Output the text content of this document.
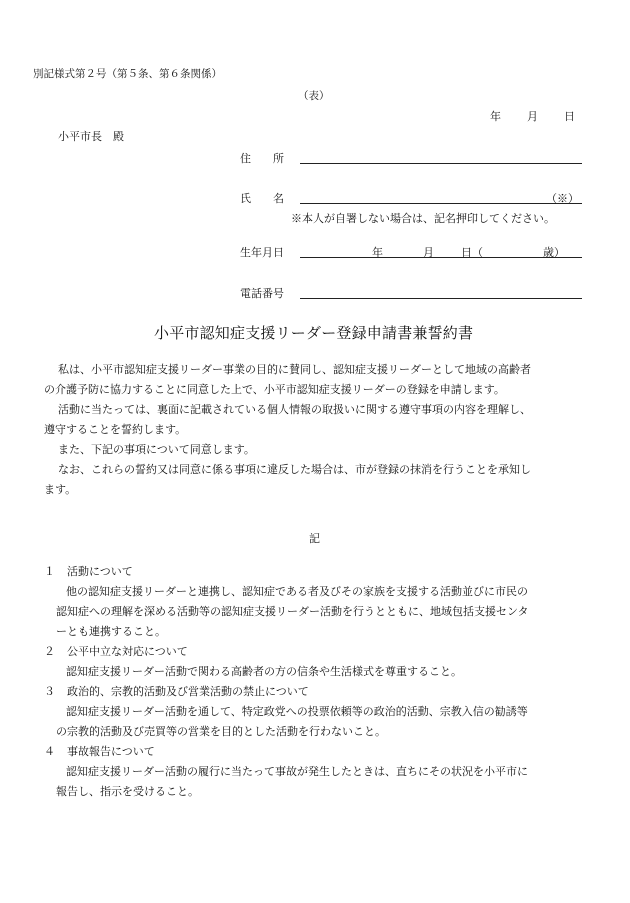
別記様式第２号（第５条、第６条関係）
（表）
年 月 日
小平市長　殿
住　　所
氏　　名	（※）
※本人が自署しない場合は、記名押印してください。
生年月日	年	月 日（	歳）
電話番号
小平市認知症支援リーダー登録申請書兼誓約書

私は、小平市認知症支援リーダー事業の目的に賛同し、認知症支援リーダーとして地域の高齢者

の介護予防に協力することに同意した上で、小平市認知症支援リーダーの登録を申請します。

活動に当たっては、裏面に記載されている個人情報の取扱いに関する遵守事項の内容を理解し、

遵守することを誓約します。

また、下記の事項について同意します。

なお、これらの誓約又は同意に係る事項に違反した場合は、市が登録の抹消を行うことを承知し

ます。

記

１ 活動について

他の認知症支援リーダーと連携し、認知症である者及びその家族を支援する活動並びに市民の

認知症への理解を深める活動等の認知症支援リーダー活動を行うとともに、地域包括支援センタ

ーとも連携すること。

２ 公平中立な対応について

認知症支援リーダー活動で関わる高齢者の方の信条や生活様式を尊重すること。

３ 政治的、宗教的活動及び営業活動の禁止について

認知症支援リーダー活動を通して、特定政党への投票依頼等の政治的活動、宗教入信の勧誘等

の宗教的活動及び売買等の営業を目的とした活動を行わないこと。

４ 事故報告について

認知症支援リーダー活動の履行に当たって事故が発生したときは、直ちにその状況を小平市に

報告し、指示を受けること。
